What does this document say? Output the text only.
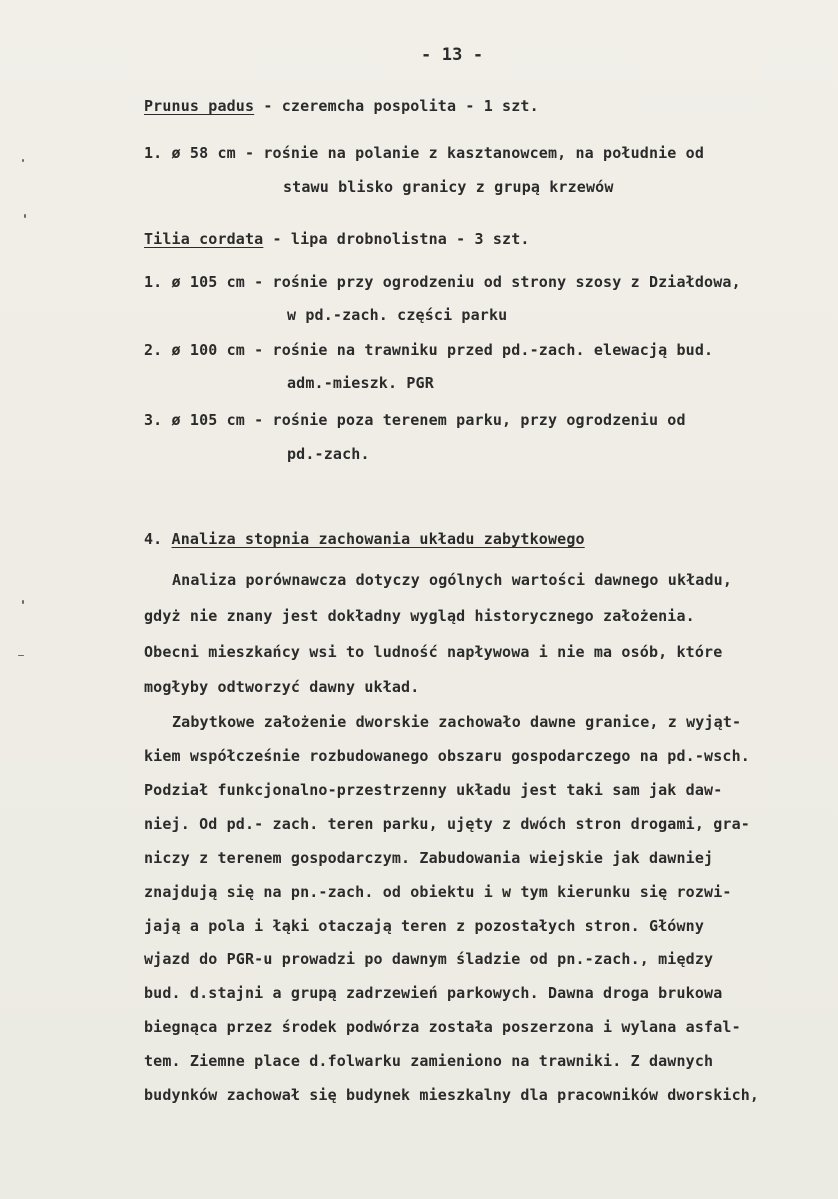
- 13 -
Prunus padus - czeremcha pospolita - 1 szt.
1. ø 58 cm - rośnie na polanie z kasztanowcem, na południe od
stawu blisko granicy z grupą krzewów
Tilia cordata - lipa drobnolistna - 3 szt.
1. ø 105 cm - rośnie przy ogrodzeniu od strony szosy z Działdowa,
w pd.-zach. części parku
2. ø 100 cm - rośnie na trawniku przed pd.-zach. elewacją bud.
adm.-mieszk. PGR
3. ø 105 cm - rośnie poza terenem parku, przy ogrodzeniu od
pd.-zach.
4. Analiza stopnia zachowania układu zabytkowego
Analiza porównawcza dotyczy ogólnych wartości dawnego układu,
gdyż nie znany jest dokładny wygląd historycznego założenia.
Obecni mieszkańcy wsi to ludność napływowa i nie ma osób, które
mogłyby odtworzyć dawny układ.
Zabytkowe założenie dworskie zachowało dawne granice, z wyjąt-
kiem współcześnie rozbudowanego obszaru gospodarczego na pd.-wsch.
Podział funkcjonalno-przestrzenny układu jest taki sam jak daw-
niej. Od pd.- zach. teren parku, ujęty z dwóch stron drogami, gra-
niczy z terenem gospodarczym. Zabudowania wiejskie jak dawniej
znajdują się na pn.-zach. od obiektu i w tym kierunku się rozwi-
jają a pola i łąki otaczają teren z pozostałych stron. Główny
wjazd do PGR-u prowadzi po dawnym śladzie od pn.-zach., między
bud. d.stajni a grupą zadrzewień parkowych. Dawna droga brukowa
biegnąca przez środek podwórza została poszerzona i wylana asfal-
tem. Ziemne place d.folwarku zamieniono na trawniki. Z dawnych
budynków zachował się budynek mieszkalny dla pracowników dworskich,
